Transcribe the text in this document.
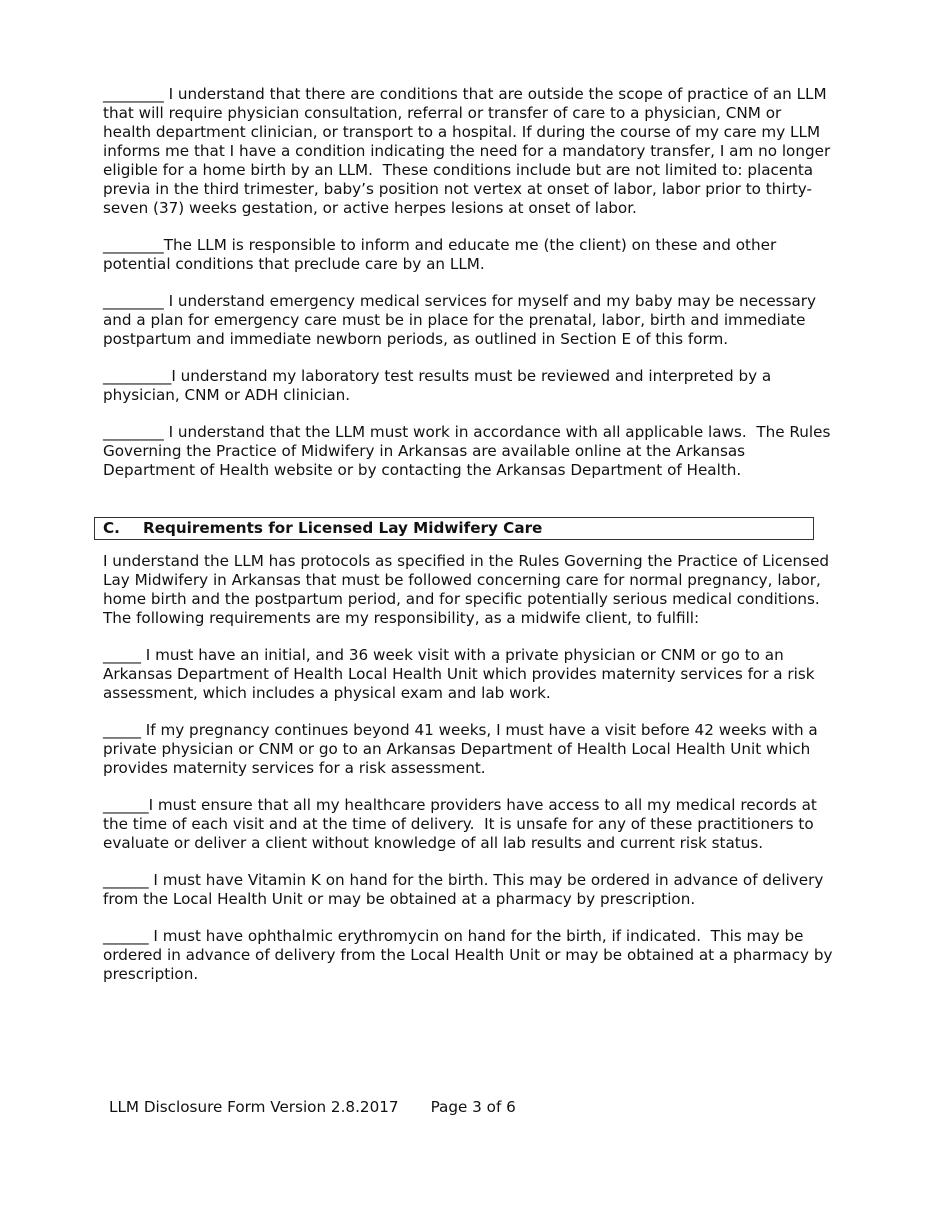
________ I understand that there are conditions that are outside the scope of practice of an LLM that will require physician consultation, referral or transfer of care to a physician, CNM or health department clinician, or transport to a hospital. If during the course of my care my LLM informs me that I have a condition indicating the need for a mandatory transfer, I am no longer eligible for a home birth by an LLM.  These conditions include but are not limited to: placenta previa in the third trimester, baby’s position not vertex at onset of labor, labor prior to thirty-seven (37) weeks gestation, or active herpes lesions at onset of labor.

________The LLM is responsible to inform and educate me (the client) on these and other potential conditions that preclude care by an LLM.

________ I understand emergency medical services for myself and my baby may be necessary and a plan for emergency care must be in place for the prenatal, labor, birth and immediate postpartum and immediate newborn periods, as outlined in Section E of this form.

_________I understand my laboratory test results must be reviewed and interpreted by a physician, CNM or ADH clinician.

________ I understand that the LLM must work in accordance with all applicable laws.  The Rules Governing the Practice of Midwifery in Arkansas are available online at the Arkansas Department of Health website or by contacting the Arkansas Department of Health.

C.	Requirements for Licensed Lay Midwifery Care

I understand the LLM has protocols as specified in the Rules Governing the Practice of Licensed Lay Midwifery in Arkansas that must be followed concerning care for normal pregnancy, labor, home birth and the postpartum period, and for specific potentially serious medical conditions.  The following requirements are my responsibility, as a midwife client, to fulfill:

_____ I must have an initial, and 36 week visit with a private physician or CNM or go to an Arkansas Department of Health Local Health Unit which provides maternity services for a risk assessment, which includes a physical exam and lab work.

_____ If my pregnancy continues beyond 41 weeks, I must have a visit before 42 weeks with a private physician or CNM or go to an Arkansas Department of Health Local Health Unit which provides maternity services for a risk assessment.

______I must ensure that all my healthcare providers have access to all my medical records at the time of each visit and at the time of delivery.  It is unsafe for any of these practitioners to evaluate or deliver a client without knowledge of all lab results and current risk status.

______ I must have Vitamin K on hand for the birth. This may be ordered in advance of delivery from the Local Health Unit or may be obtained at a pharmacy by prescription.

______ I must have ophthalmic erythromycin on hand for the birth, if indicated.  This may be ordered in advance of delivery from the Local Health Unit or may be obtained at a pharmacy by prescription.

LLM Disclosure Form Version 2.8.2017 Page 3 of 6
